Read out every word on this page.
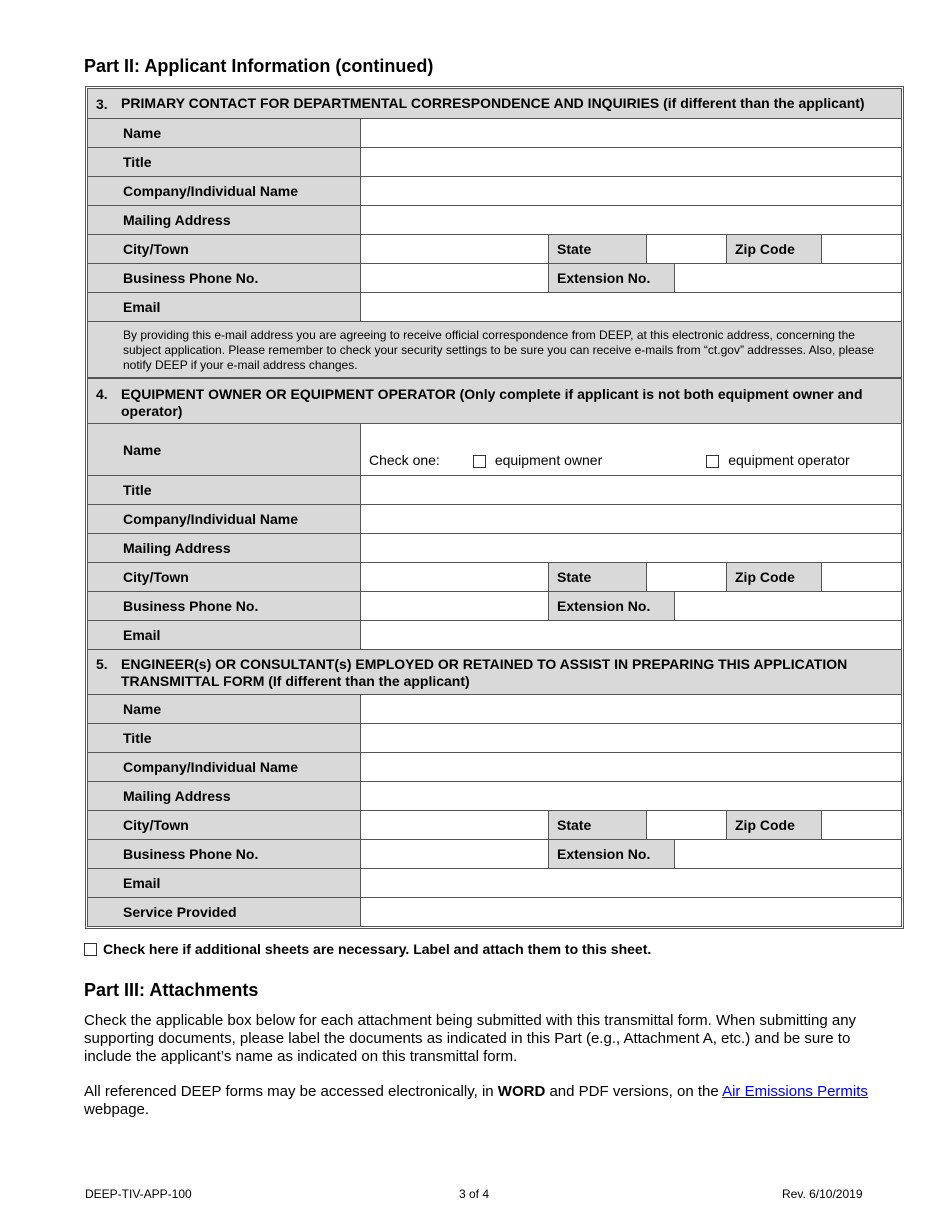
Part II: Applicant Information (continued)
3. PRIMARY CONTACT FOR DEPARTMENTAL CORRESPONDENCE AND INQUIRIES (if different than the applicant)
Name
Title
Company/Individual Name
Mailing Address
City/Town	State	Zip Code
Business Phone No.	Extension No.
Email
By providing this e-mail address you are agreeing to receive official correspondence from DEEP, at this electronic address, concerning the subject application. Please remember to check your security settings to be sure you can receive e-mails from “ct.gov” addresses. Also, please notify DEEP if your e-mail address changes.
4. EQUIPMENT OWNER OR EQUIPMENT OPERATOR (Only complete if applicant is not both equipment owner and operator)
Name
Check one:	equipment owner	equipment operator
Title
Company/Individual Name
Mailing Address
City/Town	State	Zip Code
Business Phone No.	Extension No.
Email
5. ENGINEER(s) OR CONSULTANT(s) EMPLOYED OR RETAINED TO ASSIST IN PREPARING THIS APPLICATION TRANSMITTAL FORM (If different than the applicant)
Name
Title
Company/Individual Name
Mailing Address
City/Town	State	Zip Code
Business Phone No.	Extension No.
Email
Service Provided
Check here if additional sheets are necessary. Label and attach them to this sheet.
Part III: Attachments
Check the applicable box below for each attachment being submitted with this transmittal form. When submitting any supporting documents, please label the documents as indicated in this Part (e.g., Attachment A, etc.) and be sure to include the applicant’s name as indicated on this transmittal form.
All referenced DEEP forms may be accessed electronically, in WORD and PDF versions, on the Air Emissions Permits webpage.
DEEP-TIV-APP-100	3 of 4	Rev. 6/10/2019
